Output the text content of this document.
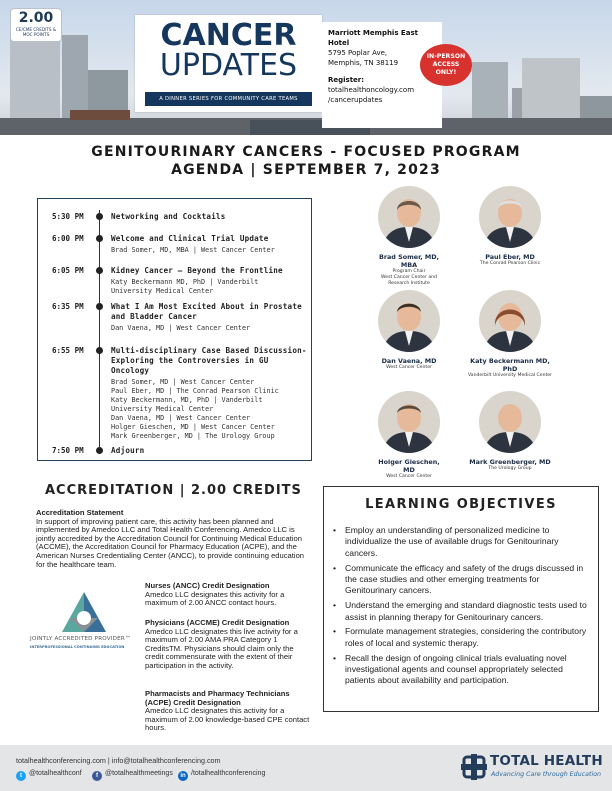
2.00
CE/CME CREDITS & MOC POINTS	CANCER
UPDATES
A DINNER SERIES FOR COMMUNITY CARE TEAMS
Marriott Memphis East Hotel
5795 Poplar Ave,
Memphis, TN 38119
Register:
totalhealthoncology.com
/cancerupdates
IN-PERSON
ACCESS
ONLY!
GENITOURINARY CANCERS - FOCUSED PROGRAM
AGENDA | SEPTEMBER 7, 2023
5:30 PM	Networking and Cocktails
6:00 PM	Welcome and Clinical Trial Update
Brad Somer, MD, MBA | West Cancer Center
6:05 PM	Kidney Cancer – Beyond the Frontline
Katy Beckermann MD, PhD | Vanderbilt
University Medical Center
6:35 PM	What I Am Most Excited About in Prostate and Bladder Cancer
Dan Vaena, MD | West Cancer Center
6:55 PM	Multi-disciplinary Case Based Discussion- Exploring the Controversies in GU Oncology
Brad Somer, MD | West Cancer Center
Paul Eber, MD | The Conrad Pearson Clinic
Katy Beckermann, MD, PhD | Vanderbilt
University Medical Center
Dan Vaena, MD | West Cancer Center
Holger Gieschen, MD | West Cancer Center
Mark Greenberger, MD | The Urology Group
7:50 PM	Adjourn
Brad Somer, MD, MBA
Program Chair
West Cancer Center and
Research Institute
Paul Eber, MD
The Conrad Pearson Clinic
Dan Vaena, MD
West Cancer Center
Katy Beckermann MD, PhD
Vanderbilt University Medical Center
Holger Gieschen, MD
West Cancer Center
Mark Greenberger, MD
The Urology Group
ACCREDITATION | 2.00 CREDITS
Accreditation Statement
In support of improving patient care, this activity has been planned and implemented by Amedco LLC and Total Health Conferencing. Amedco LLC is jointly accredited by the Accreditation Council for Continuing Medical Education (ACCME), the Accreditation Council for Pharmacy Education (ACPE), and the American Nurses Credentialing Center (ANCC), to provide continuing education for the healthcare team.
JOINTLY ACCREDITED PROVIDER™
INTERPROFESSIONAL CONTINUING EDUCATION
Nurses (ANCC) Credit Designation
Amedco LLC designates this activity for a maximum of 2.00 ANCC contact hours.
Physicians (ACCME) Credit Designation
Amedco LLC designates this live activity for a maximum of 2.00 AMA PRA Category 1 CreditsTM. Physicians should claim only the credit commensurate with the extent of their participation in the activity.
Pharmacists and Pharmacy Technicians (ACPE) Credit Designation
Amedco LLC designates this activity for a maximum of 2.00 knowledge-based CPE contact hours.
LEARNING OBJECTIVES
• Employ an understanding of personalized medicine to individualize the use of available drugs for Genitourinary cancers.
• Communicate the efficacy and safety of the drugs discussed in the case studies and other emerging treatments for Genitourinary cancers.
• Understand the emerging and standard diagnostic tests used to assist in planning therapy for Genitourinary cancers.
• Formulate management strategies, considering the contributory roles of local and systemic therapy.
• Recall the design of ongoing clinical trials evaluating novel investigational agents and counsel appropriately selected patients about availability and participation.
totalhealthconferencing.com | info@totalhealthconferencing.com
t @totalhealthconf	f @totalhealthmeetings	in /totalhealthconferencing
TOTAL HEALTH
Advancing Care through Education
